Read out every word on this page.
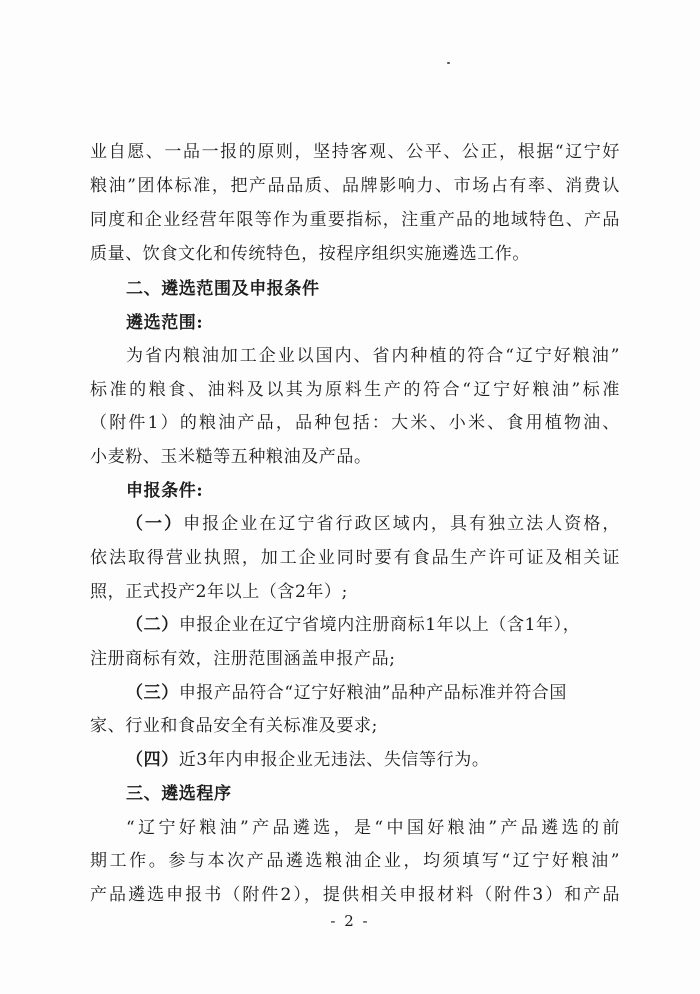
业自愿、一品一报的原则，坚持客观、公平、公正，根据“辽宁好
粮油”团体标准，把产品品质、品牌影响力、市场占有率、消费认
同度和企业经营年限等作为重要指标，注重产品的地域特色、产品
质量、饮食文化和传统特色，按程序组织实施遴选工作。
二、遴选范围及申报条件
遴选范围:
为省内粮油加工企业以国内、省内种植的符合“辽宁好粮油”
标准的粮食、油料及以其为原料生产的符合“辽宁好粮油”标准
（附件1）的粮油产品，品种包括：大米、小米、食用植物油、
小麦粉、玉米糙等五种粮油及产品。
申报条件:
（一）申报企业在辽宁省行政区域内，具有独立法人资格，
依法取得营业执照，加工企业同时要有食品生产许可证及相关证
照，正式投产2年以上（含2年）;
（二）申报企业在辽宁省境内注册商标1年以上（含1年），
注册商标有效，注册范围涵盖申报产品;
（三）申报产品符合“辽宁好粮油”品种产品标准并符合国
家、行业和食品安全有关标准及要求;
（四）近3年内申报企业无违法、失信等行为。
三、遴选程序
“辽宁好粮油”产品遴选，是“中国好粮油”产品遴选的前
期工作。参与本次产品遴选粮油企业，均须填写“辽宁好粮油”
产品遴选申报书（附件2），提供相关申报材料（附件3）和产品
- 2 -
